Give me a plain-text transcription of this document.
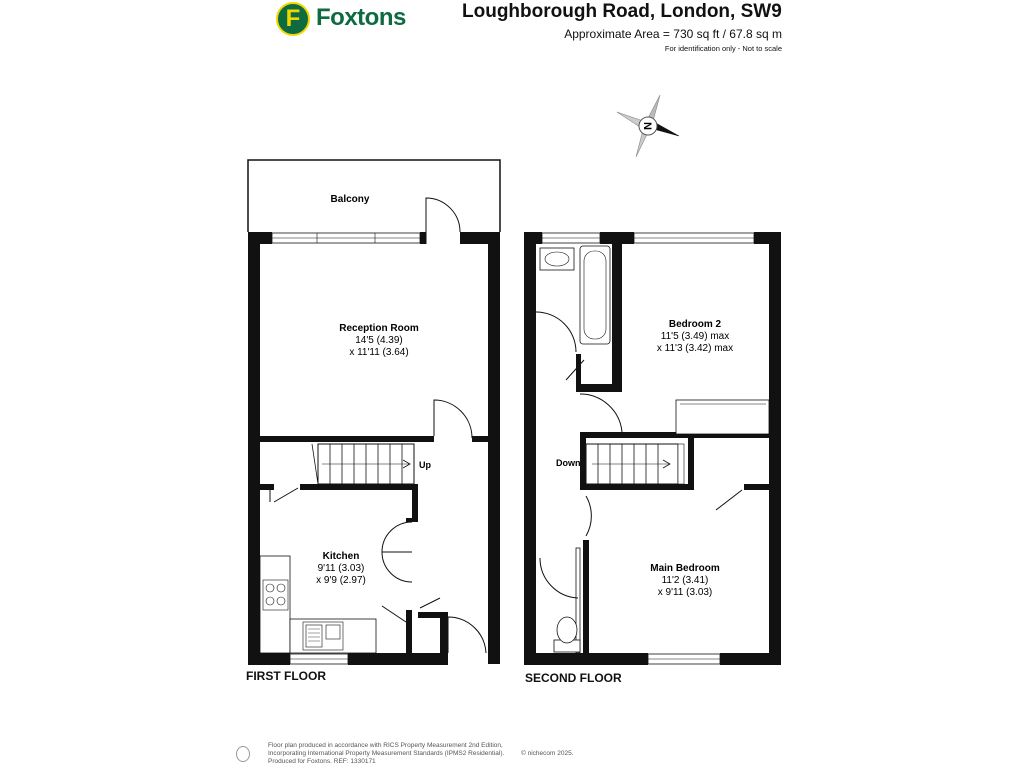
F Foxtons	Loughborough Road, London, SW9
Approximate Area = 730 sq ft / 67.8 sq m
For identification only - Not to scale
N
Balcony
Reception Room
14'5 (4.39)
x 11'11 (3.64)
Kitchen
9'11 (3.03)
x 9'9 (2.97)
Up
Bedroom 2
11'5 (3.49) max
x 11'3 (3.42) max
Main Bedroom
11'2 (3.41)
x 9'11 (3.03)
Down
FIRST FLOOR	SECOND FLOOR
Floor plan produced in accordance with RICS Property Measurement 2nd Edition,
Incorporating International Property Measurement Standards (IPMS2 Residential).
Produced for Foxtons. REF: 1330171
© nichecom 2025.
